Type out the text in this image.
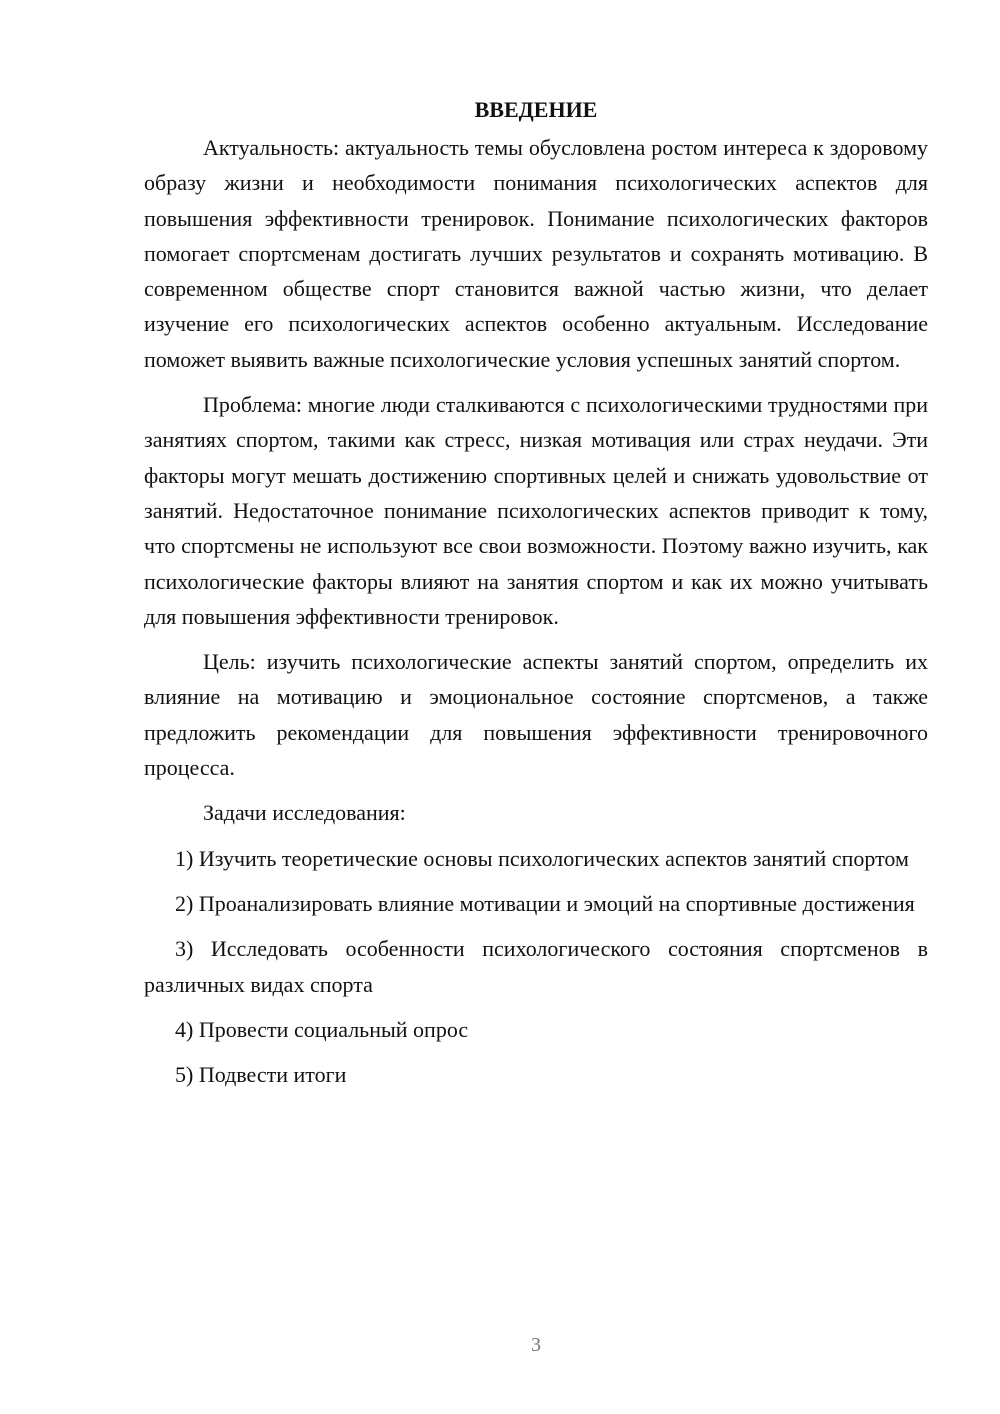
ВВЕДЕНИЕ

Актуальность: актуальность темы обусловлена ростом интереса к здоровому образу жизни и необходимости понимания психологических аспектов для повышения эффективности тренировок. Понимание психологических факторов помогает спортсменам достигать лучших результатов и сохранять мотивацию. В современном обществе спорт становится важной частью жизни, что делает изучение его психологических аспектов особенно актуальным. Исследование поможет выявить важные психологические условия успешных занятий спортом.

Проблема: многие люди сталкиваются с психологическими трудностями при занятиях спортом, такими как стресс, низкая мотивация или страх неудачи. Эти факторы могут мешать достижению спортивных целей и снижать удовольствие от занятий. Недостаточное понимание психологических аспектов приводит к тому, что спортсмены не используют все свои возможности. Поэтому важно изучить, как психологические факторы влияют на занятия спортом и как их можно учитывать для повышения эффективности тренировок.

Цель: изучить психологические аспекты занятий спортом, определить их влияние на мотивацию и эмоциональное состояние спортсменов, а также предложить рекомендации для повышения эффективности тренировочного процесса.

Задачи исследования:

1) Изучить теоретические основы психологических аспектов занятий спортом

2) Проанализировать влияние мотивации и эмоций на спортивные достижения

3) Исследовать особенности психологического состояния спортсменов в различных видах спорта

4) Провести социальный опрос

5) Подвести итоги

3
